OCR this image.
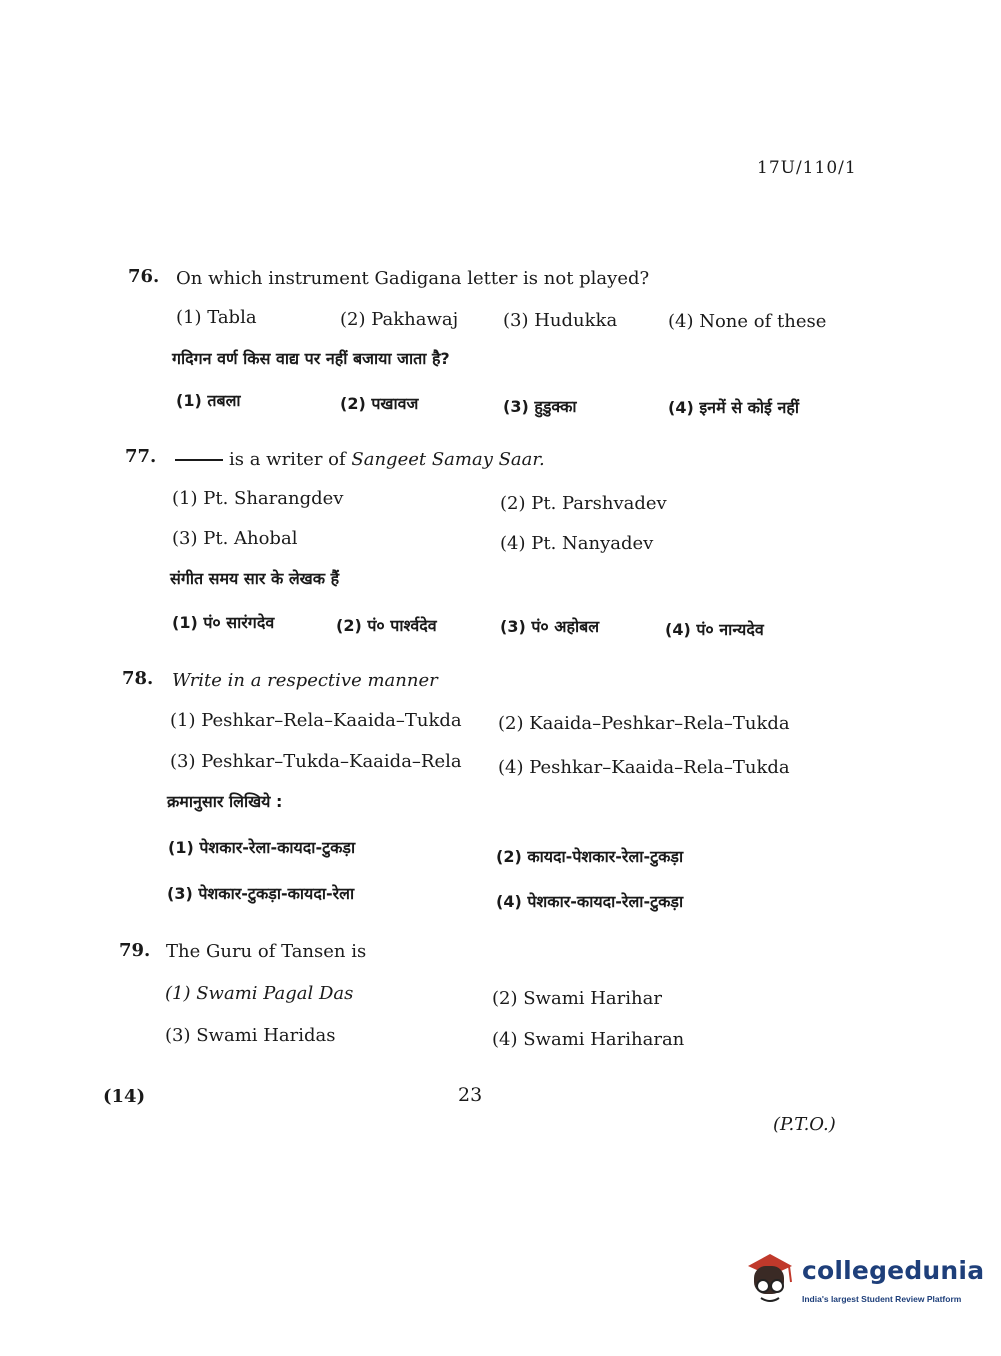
17U/110/1
76. On which instrument Gadigana letter is not played?
(1) Tabla	(2) Pakhawaj (3) Hudukka	(4) None of these
गदिगन वर्ण किस वाद्य पर नहीं बजाया जाता है?
(1) तबला	(2) पखावज	(3) हुडुक्का	(4) इनमें से कोई नहीं
77.	is a writer of Sangeet Samay Saar.
(1) Pt. Sharangdev	(2) Pt. Parshvadev
(3) Pt. Ahobal	(4) Pt. Nanyadev
संगीत समय सार के लेखक हैं
(1) पं० सारंगदेव	(2) पं० पार्श्वदेव	(3) पं० अहोबल	(4) पं० नान्यदेव
78. Write in a respective manner
(1) Peshkar–Rela–Kaaida–Tukda (2) Kaaida–Peshkar–Rela–Tukda
(3) Peshkar–Tukda–Kaaida–Rela (4) Peshkar–Kaaida–Rela–Tukda
क्रमानुसार लिखिये :
(1) पेशकार-रेला-कायदा-टुकड़ा	(2) कायदा-पेशकार-रेला-टुकड़ा
(3) पेशकार-टुकड़ा-कायदा-रेला	(4) पेशकार-कायदा-रेला-टुकड़ा
79. The Guru of Tansen is
(1) Swami Pagal Das	(2) Swami Harihar
(3) Swami Haridas	(4) Swami Hariharan
(14)	23
(P.T.O.)
collegedunia
India's largest Student Review Platform
